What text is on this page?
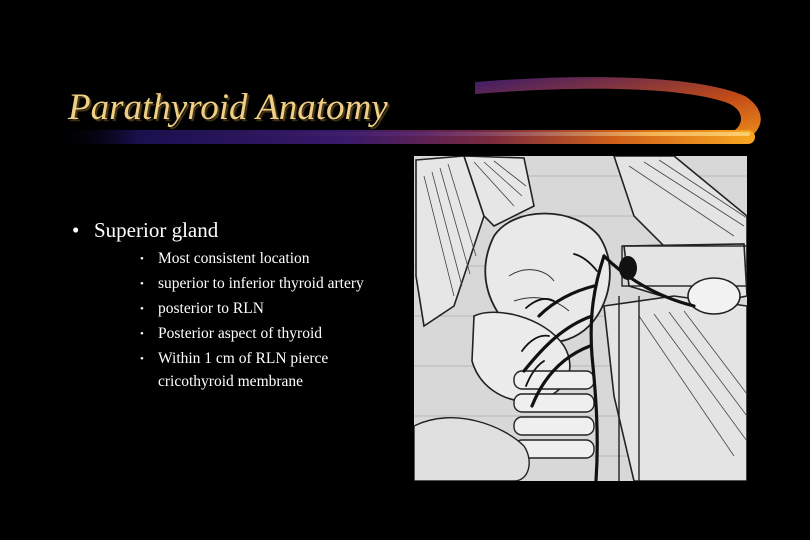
Parathyroid Anatomy
• Superior gland
• Most consistent location
• superior to inferior thyroid artery
• posterior to RLN
• Posterior aspect of thyroid
• Within 1 cm of RLN pierce cricothyroid membrane
